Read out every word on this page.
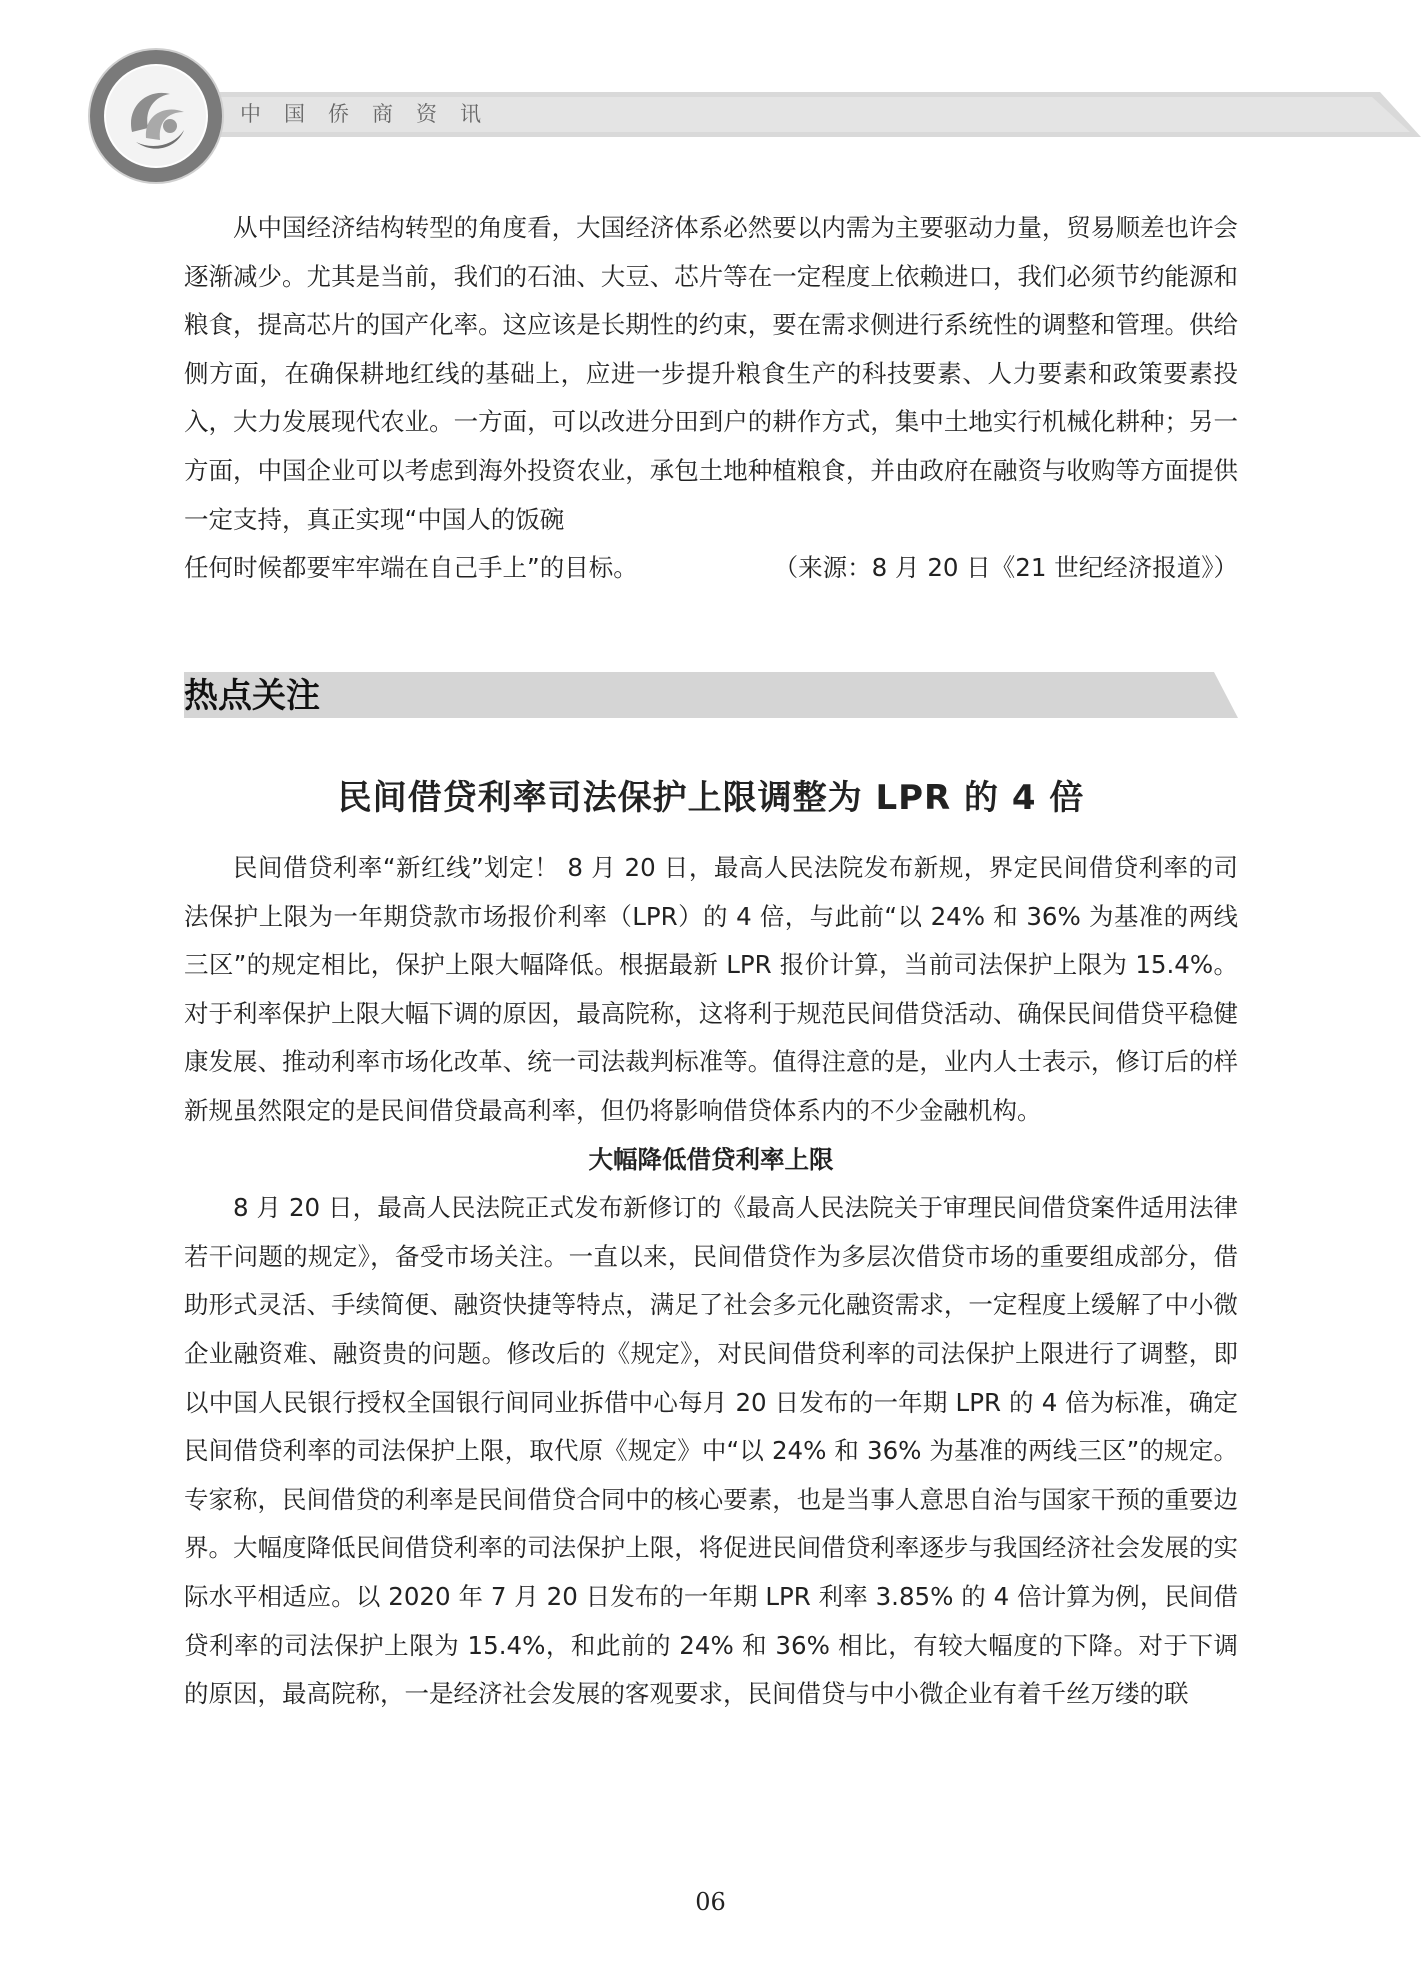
中国侨商资讯

从中国经济结构转型的角度看，大国经济体系必然要以内需为主要驱动力量，贸易顺差也许会逐渐减少。尤其是当前，我们的石油、大豆、芯片等在一定程度上依赖进口，我们必须节约能源和粮食，提高芯片的国产化率。这应该是长期性的约束，要在需求侧进行系统性的调整和管理。供给侧方面，在确保耕地红线的基础上，应进一步提升粮食生产的科技要素、人力要素和政策要素投入，大力发展现代农业。一方面，可以改进分田到户的耕作方式，集中土地实行机械化耕种；另一方面，中国企业可以考虑到海外投资农业，承包土地种植粮食，并由政府在融资与收购等方面提供一定支持，真正实现“中国人的饭碗

任何时候都要牢牢端在自己手上”的目标。	（来源：8 月 20 日《21 世纪经济报道》）
热点关注
民间借贷利率司法保护上限调整为 LPR 的 4 倍

民间借贷利率“新红线”划定！ 8 月 20 日，最高人民法院发布新规，界定民间借贷利率的司法保护上限为一年期贷款市场报价利率（LPR）的 4 倍，与此前“以 24% 和 36% 为基准的两线三区”的规定相比，保护上限大幅降低。根据最新 LPR 报价计算，当前司法保护上限为 15.4%。对于利率保护上限大幅下调的原因，最高院称，这将利于规范民间借贷活动、确保民间借贷平稳健康发展、推动利率市场化改革、统一司法裁判标准等。值得注意的是，业内人士表示，修订后的样新规虽然限定的是民间借贷最高利率，但仍将影响借贷体系内的不少金融机构。

大幅降低借贷利率上限

8 月 20 日，最高人民法院正式发布新修订的《最高人民法院关于审理民间借贷案件适用法律若干问题的规定》，备受市场关注。一直以来，民间借贷作为多层次借贷市场的重要组成部分，借助形式灵活、手续简便、融资快捷等特点，满足了社会多元化融资需求，一定程度上缓解了中小微企业融资难、融资贵的问题。修改后的《规定》，对民间借贷利率的司法保护上限进行了调整，即以中国人民银行授权全国银行间同业拆借中心每月 20 日发布的一年期 LPR 的 4 倍为标准，确定民间借贷利率的司法保护上限，取代原《规定》中“以 24% 和 36% 为基准的两线三区”的规定。专家称，民间借贷的利率是民间借贷合同中的核心要素，也是当事人意思自治与国家干预的重要边界。大幅度降低民间借贷利率的司法保护上限，将促进民间借贷利率逐步与我国经济社会发展的实际水平相适应。以 2020 年 7 月 20 日发布的一年期 LPR 利率 3.85% 的 4 倍计算为例，民间借贷利率的司法保护上限为 15.4%，和此前的 24% 和 36% 相比，有较大幅度的下降。对于下调的原因，最高院称，一是经济社会发展的客观要求，民间借贷与中小微企业有着千丝万缕的联

06
